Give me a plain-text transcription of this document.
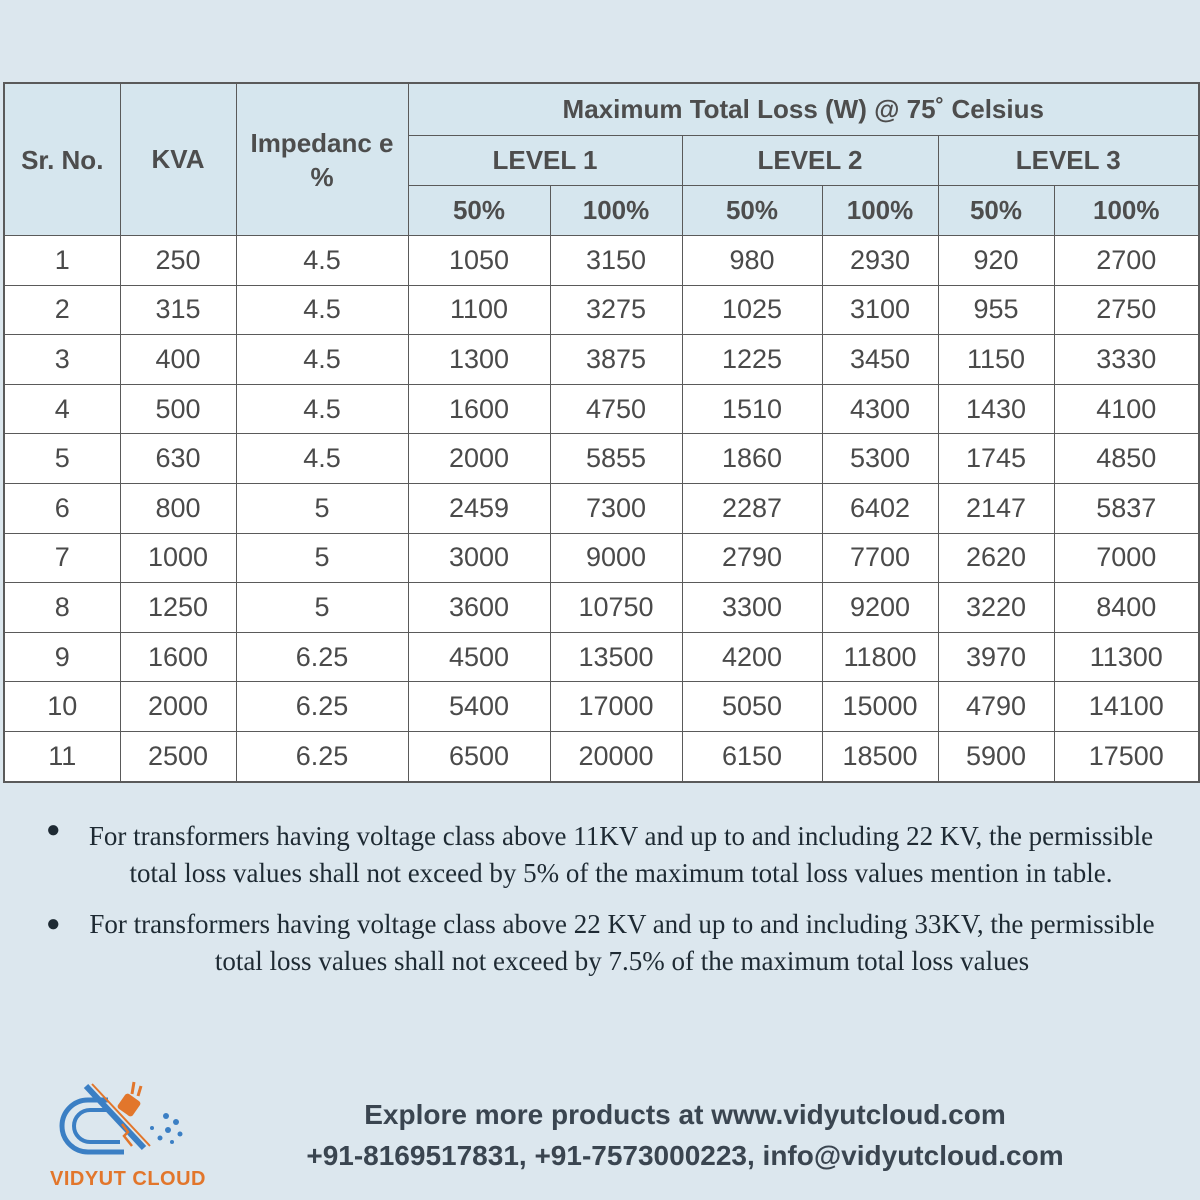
Sr. No.	KVA	Impedanc e %	Maximum Total Loss (W) @ 75˚ Celsius					
			LEVEL 1		LEVEL 2		LEVEL 3	
			50%	100%	50%	100%	50%	100%
1	250	4.5	1050	3150	980	2930	920	2700
2	315	4.5	1100	3275	1025	3100	955	2750
3	400	4.5	1300	3875	1225	3450	1150	3330
4	500	4.5	1600	4750	1510	4300	1430	4100
5	630	4.5	2000	5855	1860	5300	1745	4850
6	800	5	2459	7300	2287	6402	2147	5837
7	1000	5	3000	9000	2790	7700	2620	7000
8	1250	5	3600	10750	3300	9200	3220	8400
9	1600	6.25	4500	13500	4200	11800	3970	11300
10	2000	6.25	5400	17000	5050	15000	4790	14100
11	2500	6.25	6500	20000	6150	18500	5900	17500
● For transformers having voltage class above 11KV and up to and including 22 KV, the permissible total loss values shall not exceed by 5% of the maximum total loss values mention in table.
● For transformers having voltage class above 22 KV and up to and including 33KV, the permissible total loss values shall not exceed by 7.5% of the maximum total loss values
VIDYUT CLOUD
Explore more products at www.vidyutcloud.com
+91-8169517831, +91-7573000223, info@vidyutcloud.com
